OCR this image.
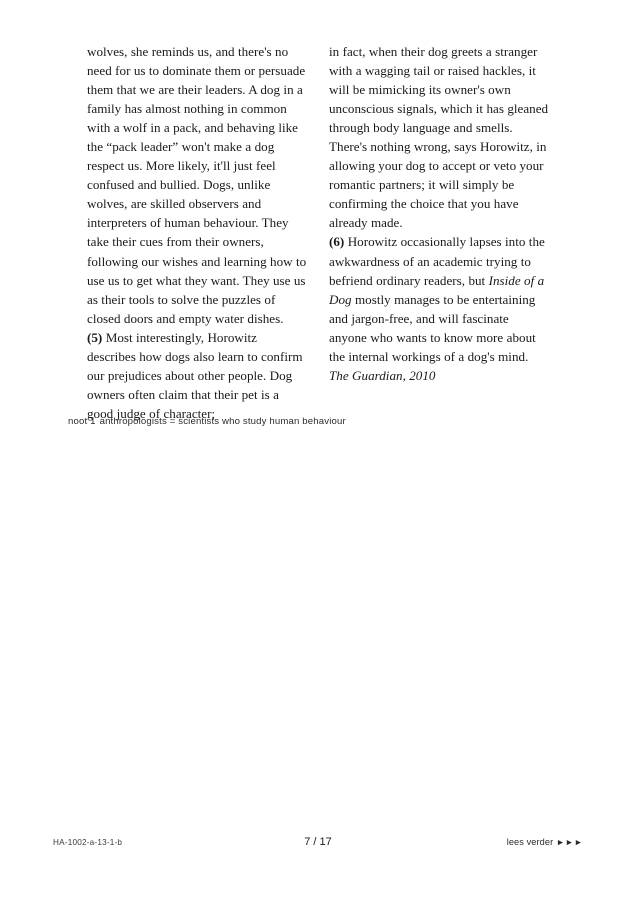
wolves, she reminds us, and there's no need for us to dominate them or persuade them that we are their leaders. A dog in a family has almost nothing in common with a wolf in a pack, and behaving like the “pack leader” won't make a dog respect us. More likely, it'll just feel confused and bullied. Dogs, unlike wolves, are skilled observers and interpreters of human behaviour. They take their cues from their owners, following our wishes and learning how to use us to get what they want. They use us as their tools to solve the puzzles of closed doors and empty water dishes.
(5) Most interestingly, Horowitz describes how dogs also learn to confirm our prejudices about other people. Dog owners often claim that their pet is a good judge of character;

in fact, when their dog greets a stranger with a wagging tail or raised hackles, it will be mimicking its owner's own unconscious signals, which it has gleaned through body language and smells. There's nothing wrong, says Horowitz, in allowing your dog to accept or veto your romantic partners; it will simply be confirming the choice that you have already made.
(6) Horowitz occasionally lapses into the awkwardness of an academic trying to befriend ordinary readers, but Inside of a Dog mostly manages to be entertaining and jargon-free, and will fascinate anyone who wants to know more about the internal workings of a dog's mind.

The Guardian, 2010

noot 1 anthropologists = scientists who study human behaviour
HA-1002-a-13-1-b	7 / 17	lees verder ►►►
